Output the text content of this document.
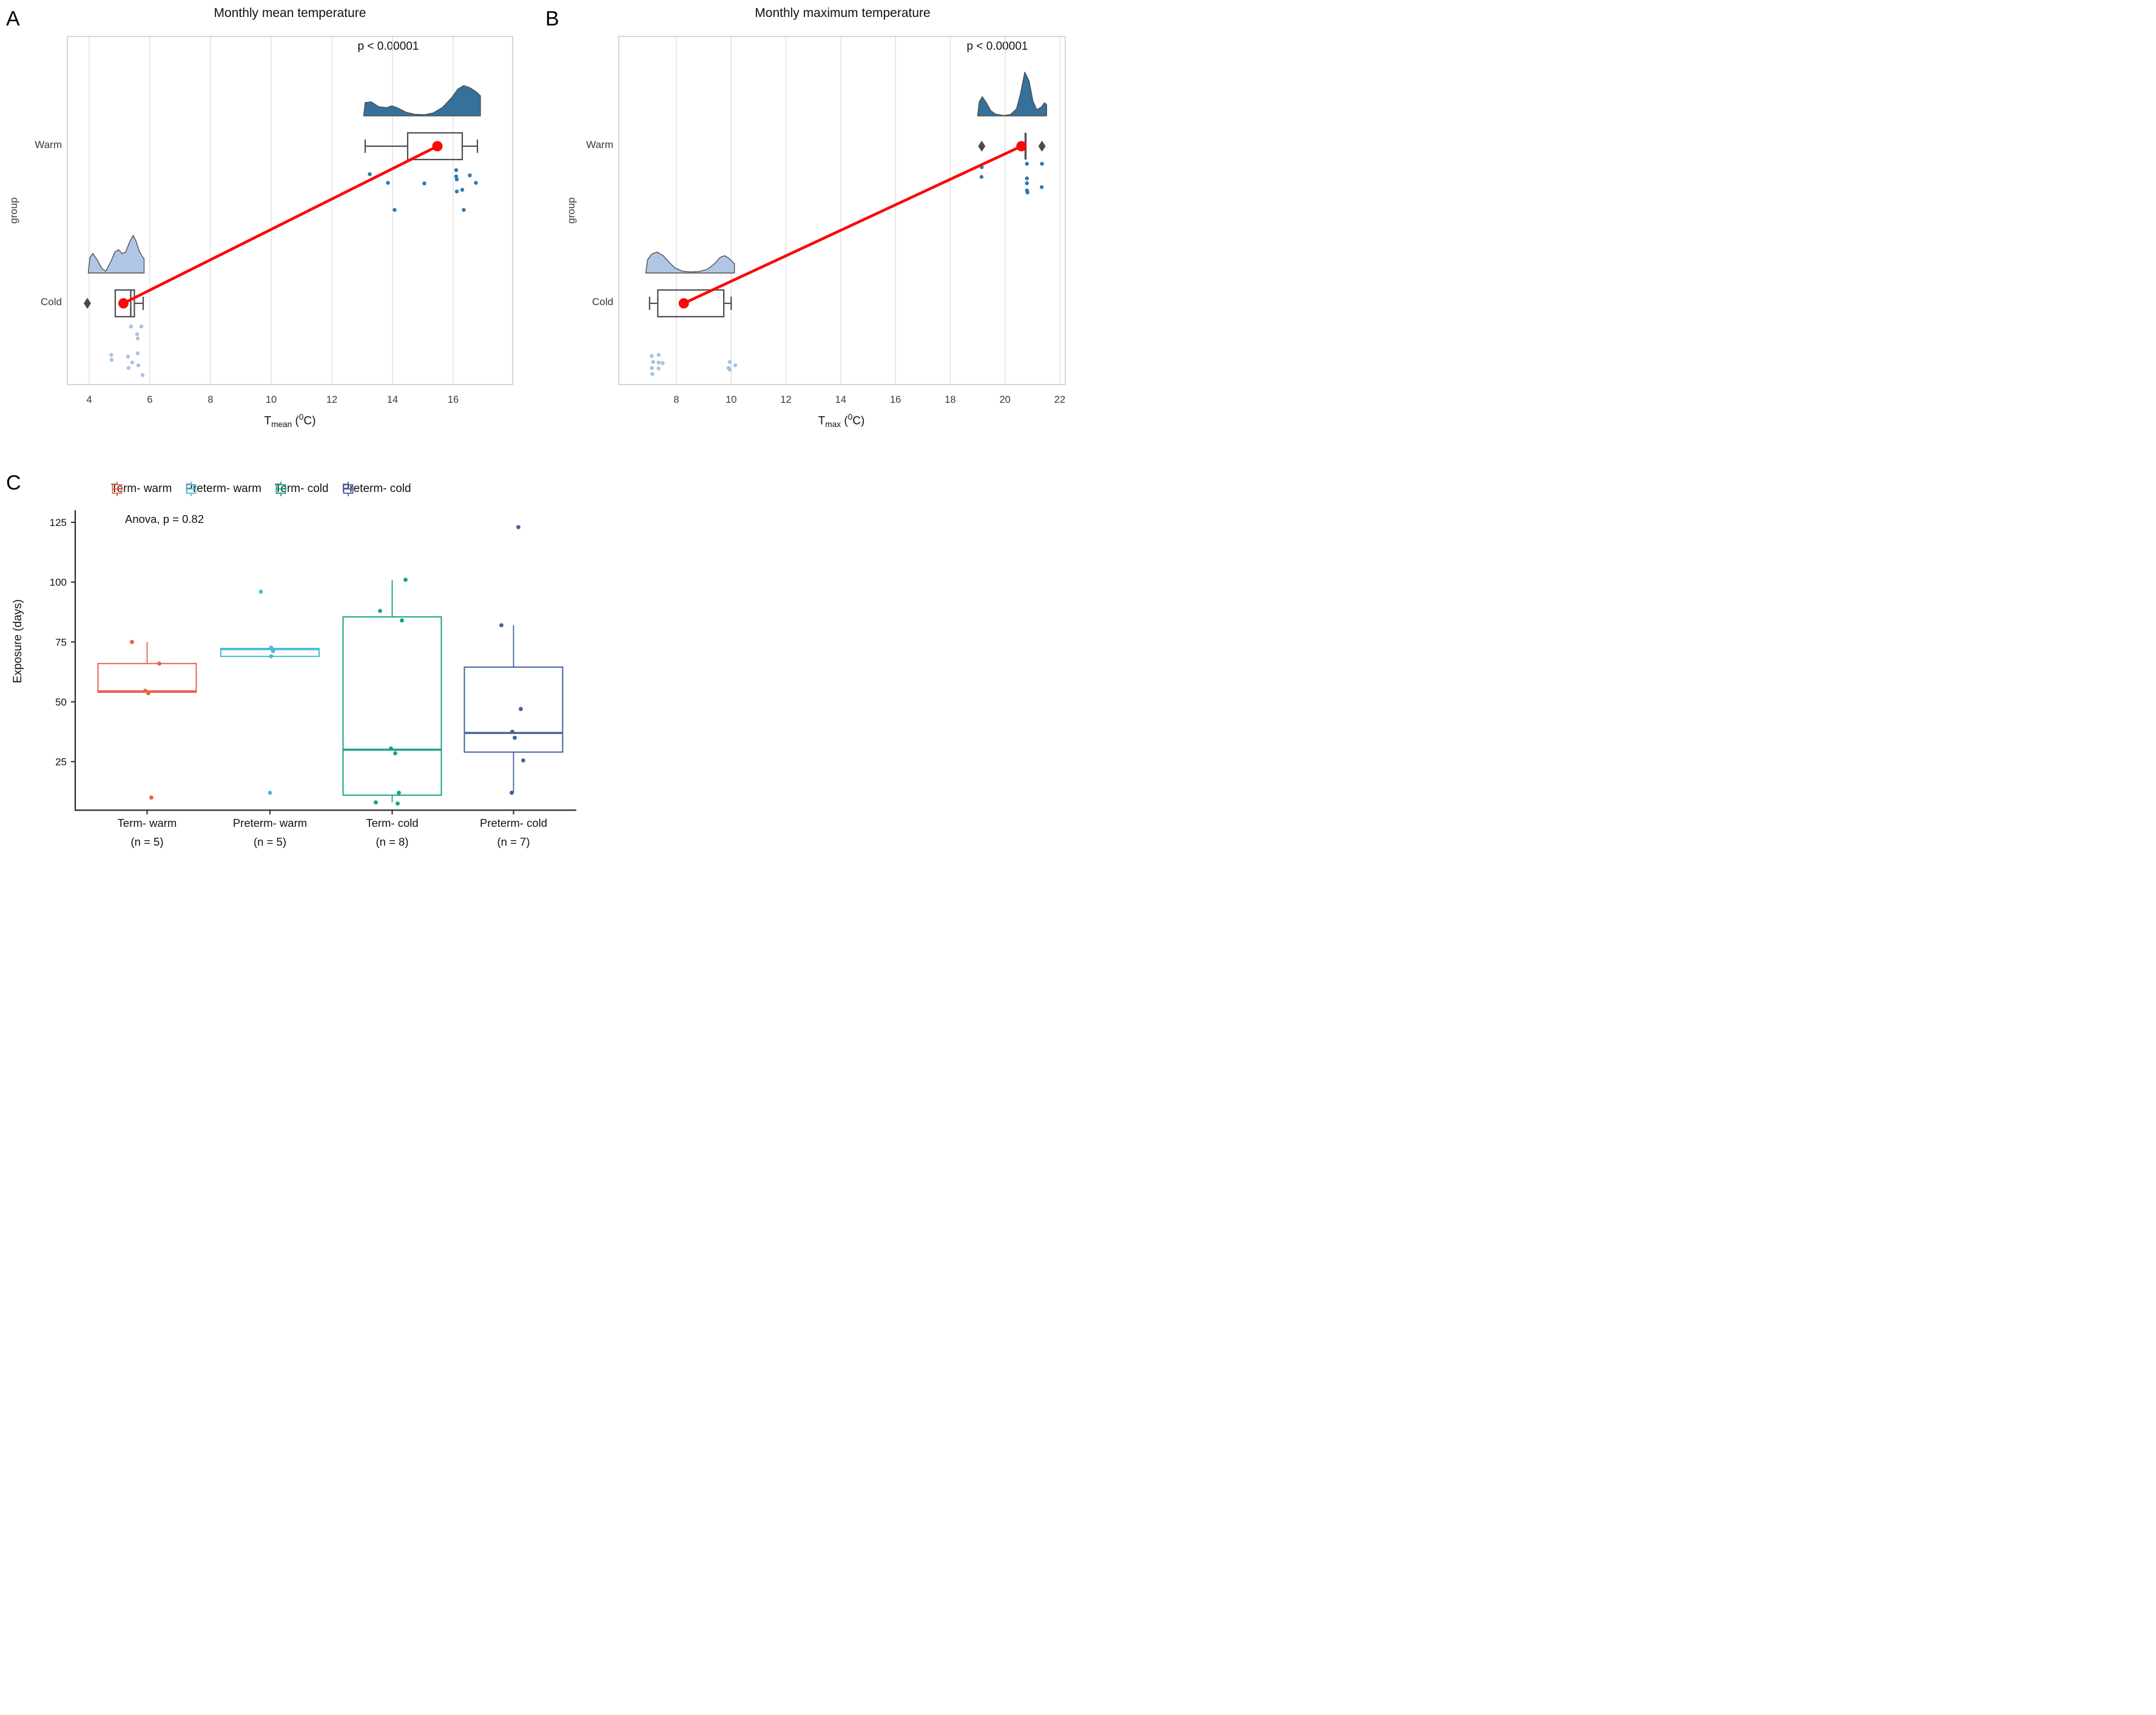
A	Monthly mean temperature
p < 0.00001
Warm
Cold
group
$T_{mean}$ ($^0$C)
4	6	8	10	12	14	16
B	Monthly maximum temperature
p < 0.00001
Warm
Cold
group
$T_{max}$ ($^0$C)
8	10	12	14	16	18	20	22
C	Term- warm Preterm- warm Term- cold Preterm- cold
Anova, p = 0.82
Exposure (days)
25
50
75
100
125
Term- warm
(n = 5)
Preterm- warm
(n = 5)
Term- cold
(n = 8)
Preterm- cold
(n = 7)
